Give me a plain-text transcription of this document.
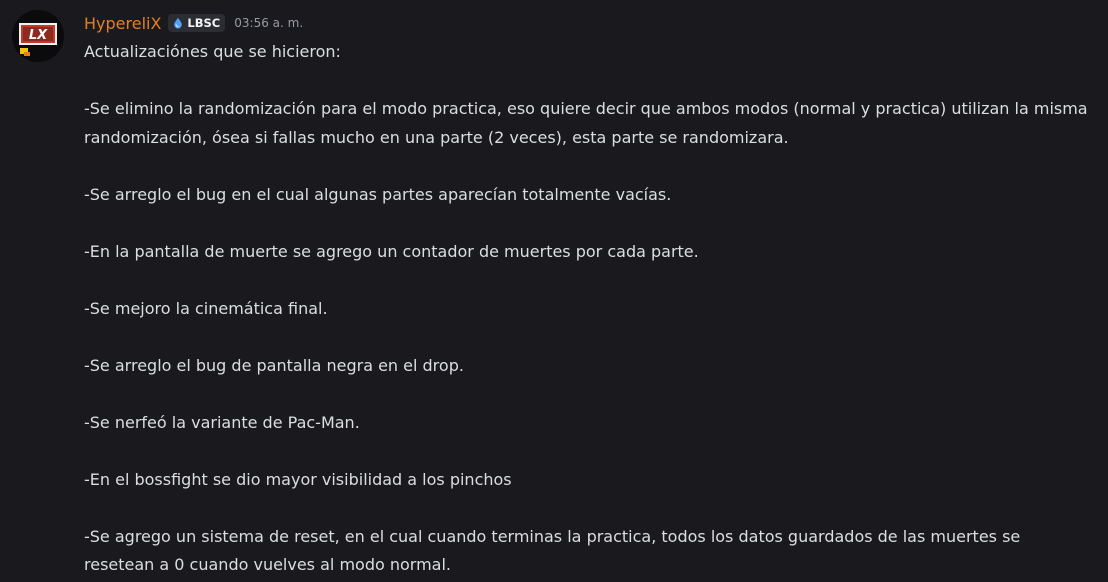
LX
HypereliX LBSC 03:56 a. m.

Actualizaciónes que se hicieron:

-Se elimino la randomización para el modo practica, eso quiere decir que ambos modos (normal y practica) utilizan la misma randomización, ósea si fallas mucho en una parte (2 veces), esta parte se randomizara.

-Se arreglo el bug en el cual algunas partes aparecían totalmente vacías.

-En la pantalla de muerte se agrego un contador de muertes por cada parte.

-Se mejoro la cinemática final.

-Se arreglo el bug de pantalla negra en el drop.

-Se nerfeó la variante de Pac-Man.

-En el bossfight se dio mayor visibilidad a los pinchos

-Se agrego un sistema de reset, en el cual cuando terminas la practica, todos los datos guardados de las muertes se resetean a 0 cuando vuelves al modo normal.
